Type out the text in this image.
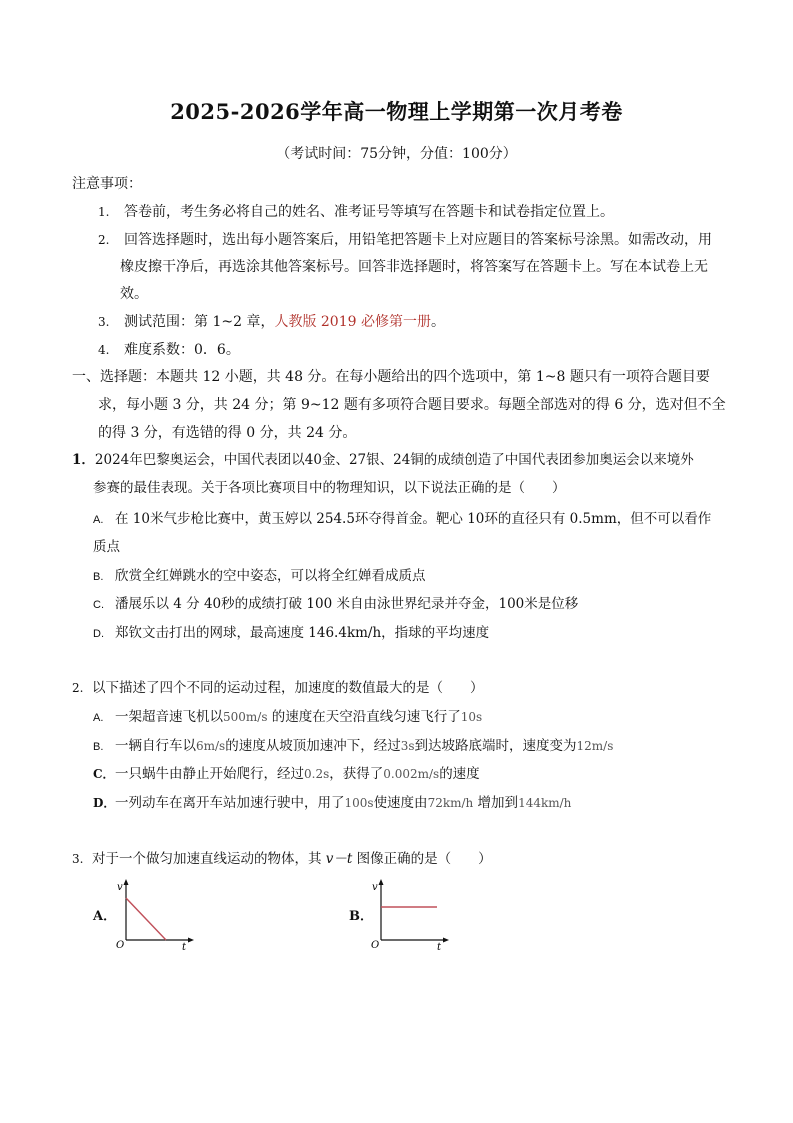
2025-2026学年高一物理上学期第一次月考卷
（考试时间：75分钟，分值：100分）
注意事项：
1. 答卷前，考生务必将自己的姓名、准考证号等填写在答题卡和试卷指定位置上。
2. 回答选择题时，选出每小题答案后，用铅笔把答题卡上对应题目的答案标号涂黑。如需改动，用
橡皮擦干净后，再选涂其他答案标号。回答非选择题时，将答案写在答题卡上。写在本试卷上无
效。
3. 测试范围：第 1~2 章，人教版 2019 必修第一册。
4. 难度系数：0．6。
一、选择题：本题共 12 小题，共 48 分。在每小题给出的四个选项中，第 1~8 题只有一项符合题目要
求，每小题 3 分，共 24 分；第 9~12 题有多项符合题目要求。每题全部选对的得 6 分，选对但不全
的得 3 分，有选错的得 0 分，共 24 分。
1．2024年巴黎奥运会，中国代表团以40金、27银、24铜的成绩创造了中国代表团参加奥运会以来境外
参赛的最佳表现。关于各项比赛项目中的物理知识，以下说法正确的是（　　）
A. 在 10米气步枪比赛中，黄玉婷以 254.5环夺得首金。靶心 10环的直径只有 0.5mm，但不可以看作
质点
B. 欣赏全红婵跳水的空中姿态，可以将全红婵看成质点
C. 潘展乐以 4 分 40秒的成绩打破 100 米自由泳世界纪录并夺金，100米是位移
D. 郑钦文击打出的网球，最高速度 146.4km/h，指球的平均速度
2. 以下描述了四个不同的运动过程，加速度的数值最大的是（　　）
A. 一架超音速飞机以500m/s 的速度在天空沿直线匀速飞行了10s
B. 一辆自行车以6m/s的速度从坡顶加速冲下，经过3s到达坡路底端时，速度变为12m/s
C．一只蜗牛由静止开始爬行，经过0.2s，获得了0.002m/s的速度
D．一列动车在离开车站加速行驶中，用了100s使速度由72km/h 增加到144km/h
3. 对于一个做匀加速直线运动的物体，其 v－t 图像正确的是（　　）
A．
v
O	t
B．
v
O	t
